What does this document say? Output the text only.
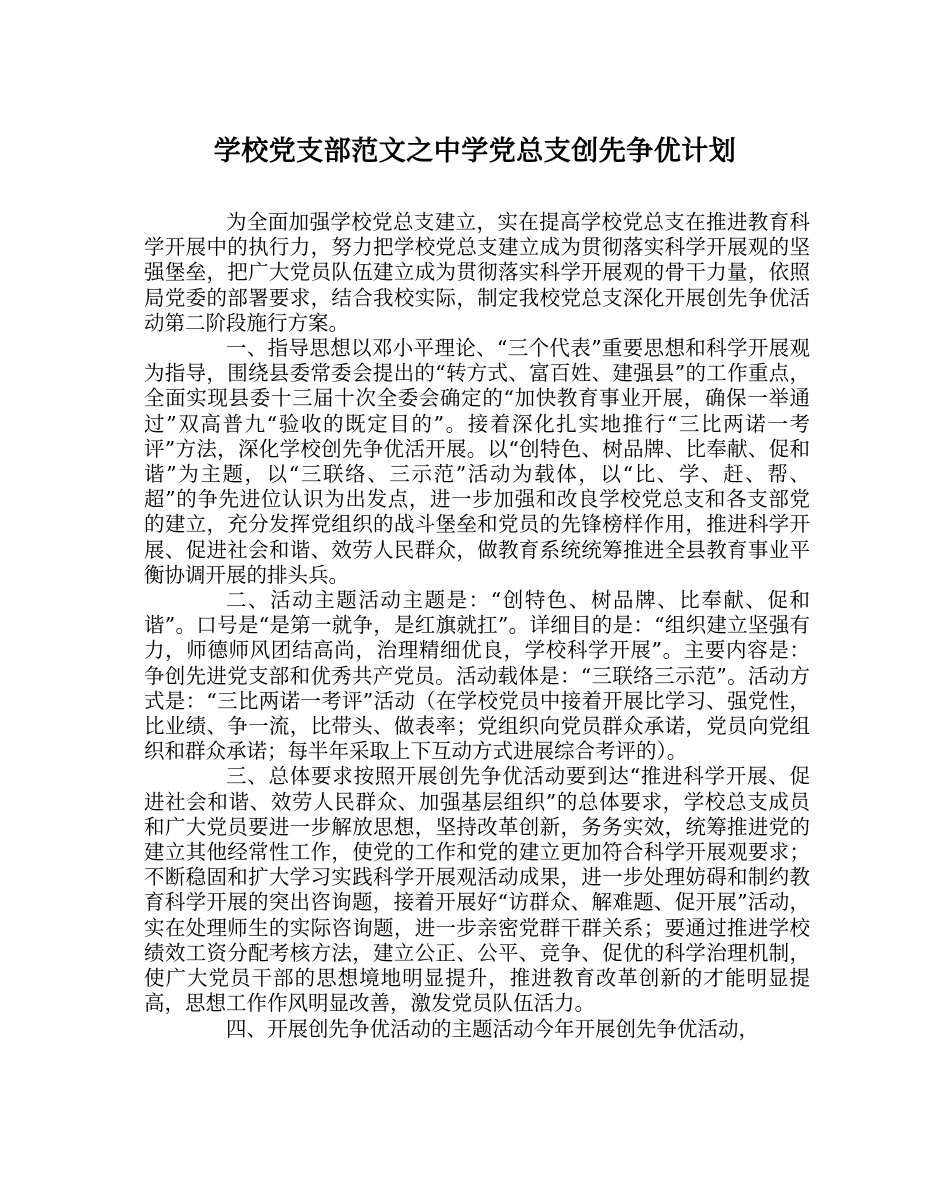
学校党支部范文之中学党总支创先争优计划

为全面加强学校党总支建立，实在提高学校党总支在推进教育科学开展中的执行力，努力把学校党总支建立成为贯彻落实科学开展观的坚强堡垒，把广大党员队伍建立成为贯彻落实科学开展观的骨干力量，依照局党委的部署要求，结合我校实际，制定我校党总支深化开展创先争优活动第二阶段施行方案。

一、指导思想以邓小平理论、“三个代表”重要思想和科学开展观为指导，围绕县委常委会提出的“转方式、富百姓、建强县”的工作重点，全面实现县委十三届十次全委会确定的“加快教育事业开展，确保一举通过”双高普九“验收的既定目的”。接着深化扎实地推行“三比两诺一考评”方法，深化学校创先争优活开展。以“创特色、树品牌、比奉献、促和谐”为主题，以“三联络、三示范”活动为载体，以“比、学、赶、帮、超”的争先进位认识为出发点，进一步加强和改良学校党总支和各支部党的建立，充分发挥党组织的战斗堡垒和党员的先锋榜样作用，推进科学开展、促进社会和谐、效劳人民群众，做教育系统统筹推进全县教育事业平衡协调开展的排头兵。

二、活动主题活动主题是：“创特色、树品牌、比奉献、促和谐”。口号是“是第一就争，是红旗就扛”。详细目的是：“组织建立坚强有力，师德师风团结高尚，治理精细优良，学校科学开展”。主要内容是：争创先进党支部和优秀共产党员。活动载体是：“三联络三示范”。活动方式是：“三比两诺一考评”活动（在学校党员中接着开展比学习、强党性，比业绩、争一流，比带头、做表率；党组织向党员群众承诺，党员向党组织和群众承诺；每半年采取上下互动方式进展综合考评的）。

三、总体要求按照开展创先争优活动要到达“推进科学开展、促进社会和谐、效劳人民群众、加强基层组织”的总体要求，学校总支成员和广大党员要进一步解放思想，坚持改革创新，务务实效，统筹推进党的建立其他经常性工作，使党的工作和党的建立更加符合科学开展观要求；不断稳固和扩大学习实践科学开展观活动成果，进一步处理妨碍和制约教育科学开展的突出咨询题，接着开展好“访群众、解难题、促开展”活动，实在处理师生的实际咨询题，进一步亲密党群干群关系；要通过推进学校绩效工资分配考核方法，建立公正、公平、竞争、促优的科学治理机制，使广大党员干部的思想境地明显提升，推进教育改革创新的才能明显提高，思想工作作风明显改善，激发党员队伍活力。

四、开展创先争优活动的主题活动今年开展创先争优活动，
